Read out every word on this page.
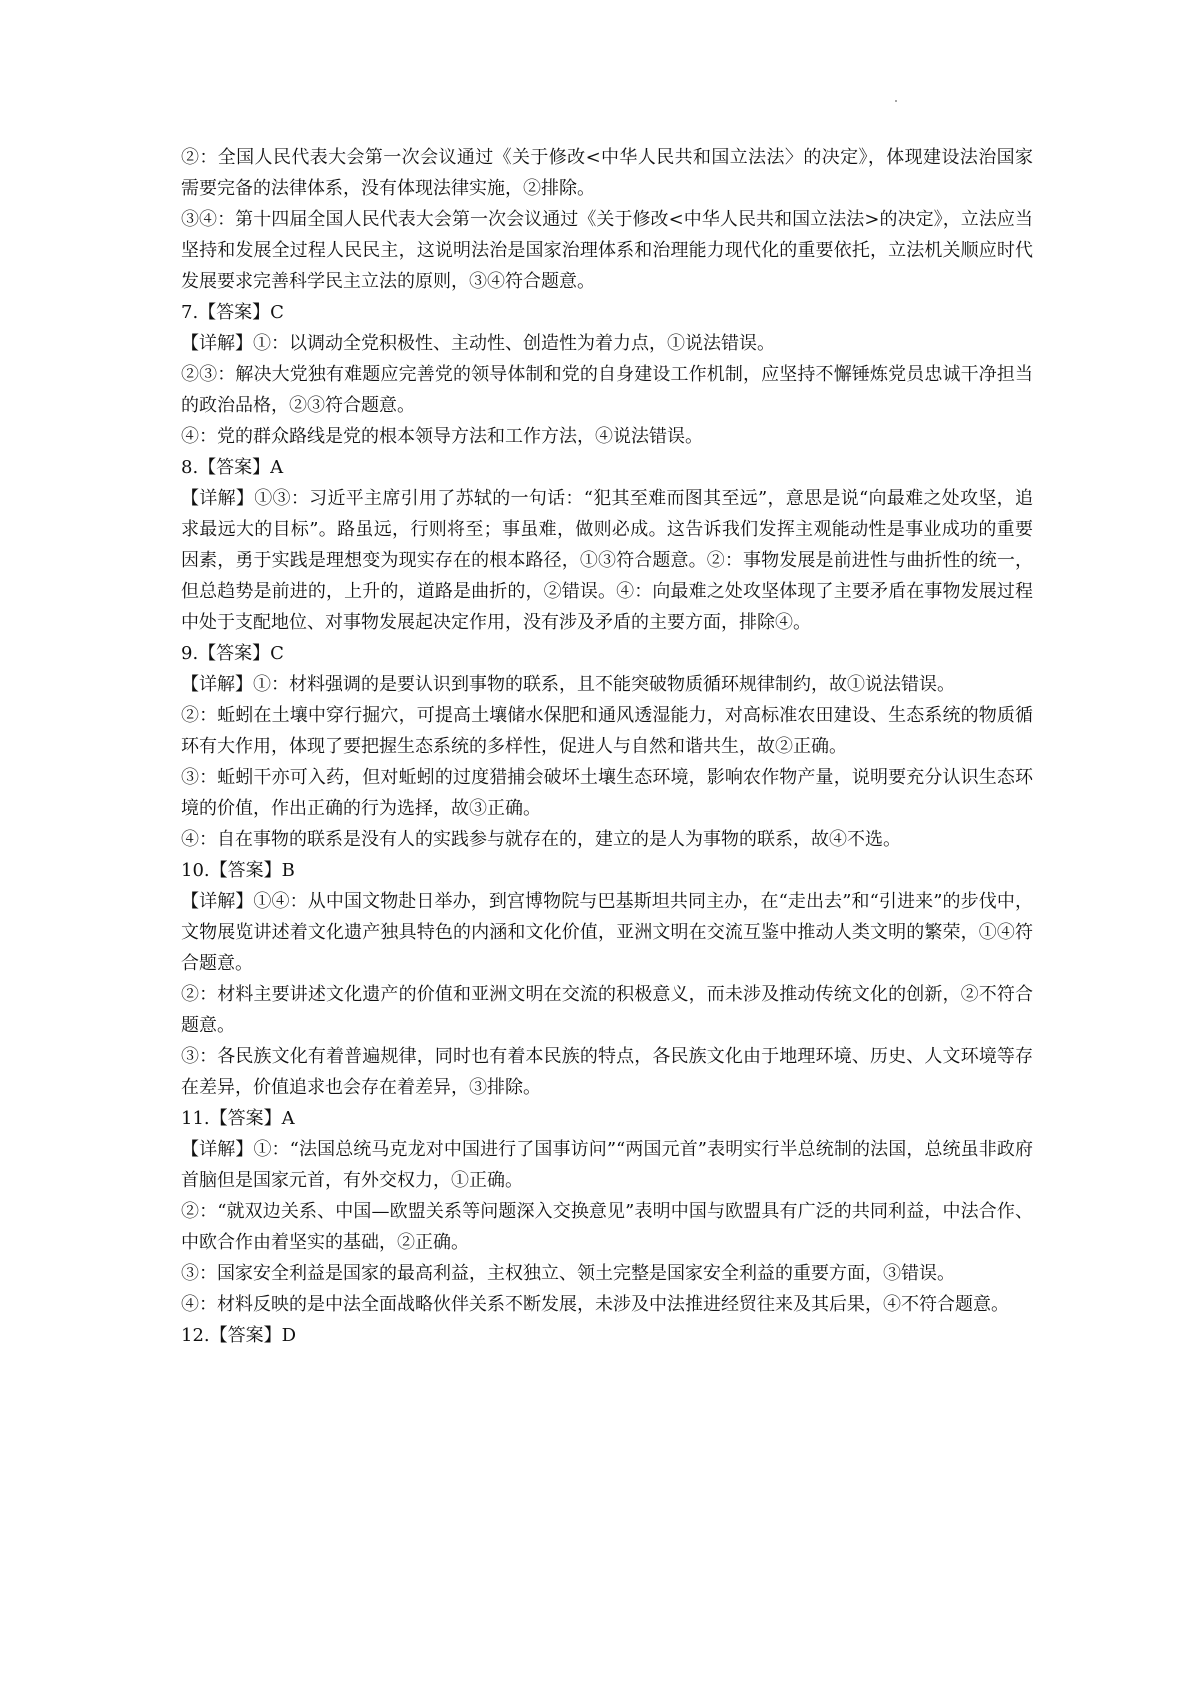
②：全国人民代表大会第一次会议通过《关于修改<中华人民共和国立法法〉的决定》，体现建设法治国家需要完备的法律体系，没有体现法律实施，②排除。

③④：第十四届全国人民代表大会第一次会议通过《关于修改<中华人民共和国立法法>的决定》，立法应当坚持和发展全过程人民民主，这说明法治是国家治理体系和治理能力现代化的重要依托，立法机关顺应时代发展要求完善科学民主立法的原则，③④符合题意。

7.【答案】C

【详解】①：以调动全党积极性、主动性、创造性为着力点，①说法错误。

②③：解决大党独有难题应完善党的领导体制和党的自身建设工作机制，应坚持不懈锤炼党员忠诚干净担当的政治品格，②③符合题意。

④：党的群众路线是党的根本领导方法和工作方法，④说法错误。

8.【答案】A

【详解】①③：习近平主席引用了苏轼的一句话：“犯其至难而图其至远”，意思是说“向最难之处攻坚，追求最远大的目标”。路虽远，行则将至；事虽难，做则必成。这告诉我们发挥主观能动性是事业成功的重要因素，勇于实践是理想变为现实存在的根本路径，①③符合题意。②：事物发展是前进性与曲折性的统一，但总趋势是前进的，上升的，道路是曲折的，②错误。④：向最难之处攻坚体现了主要矛盾在事物发展过程中处于支配地位、对事物发展起决定作用，没有涉及矛盾的主要方面，排除④。

9.【答案】C

【详解】①：材料强调的是要认识到事物的联系，且不能突破物质循环规律制约，故①说法错误。

②：蚯蚓在土壤中穿行掘穴，可提高土壤储水保肥和通风透湿能力，对高标准农田建设、生态系统的物质循环有大作用，体现了要把握生态系统的多样性，促进人与自然和谐共生，故②正确。

③：蚯蚓干亦可入药，但对蚯蚓的过度猎捕会破坏土壤生态环境，影响农作物产量，说明要充分认识生态环境的价值，作出正确的行为选择，故③正确。

④：自在事物的联系是没有人的实践参与就存在的，建立的是人为事物的联系，故④不选。

10.【答案】B

【详解】①④：从中国文物赴日举办，到宫博物院与巴基斯坦共同主办，在“走出去”和“引进来”的步伐中，文物展览讲述着文化遗产独具特色的内涵和文化价值，亚洲文明在交流互鉴中推动人类文明的繁荣，①④符合题意。

②：材料主要讲述文化遗产的价值和亚洲文明在交流的积极意义，而未涉及推动传统文化的创新，②不符合题意。

③：各民族文化有着普遍规律，同时也有着本民族的特点，各民族文化由于地理环境、历史、人文环境等存在差异，价值追求也会存在着差异，③排除。

11.【答案】A

【详解】①：“法国总统马克龙对中国进行了国事访问”“两国元首”表明实行半总统制的法国，总统虽非政府首脑但是国家元首，有外交权力，①正确。

②：“就双边关系、中国—欧盟关系等问题深入交换意见”表明中国与欧盟具有广泛的共同利益，中法合作、中欧合作由着坚实的基础，②正确。

③：国家安全利益是国家的最高利益，主权独立、领土完整是国家安全利益的重要方面，③错误。

④：材料反映的是中法全面战略伙伴关系不断发展，未涉及中法推进经贸往来及其后果，④不符合题意。

12.【答案】D
